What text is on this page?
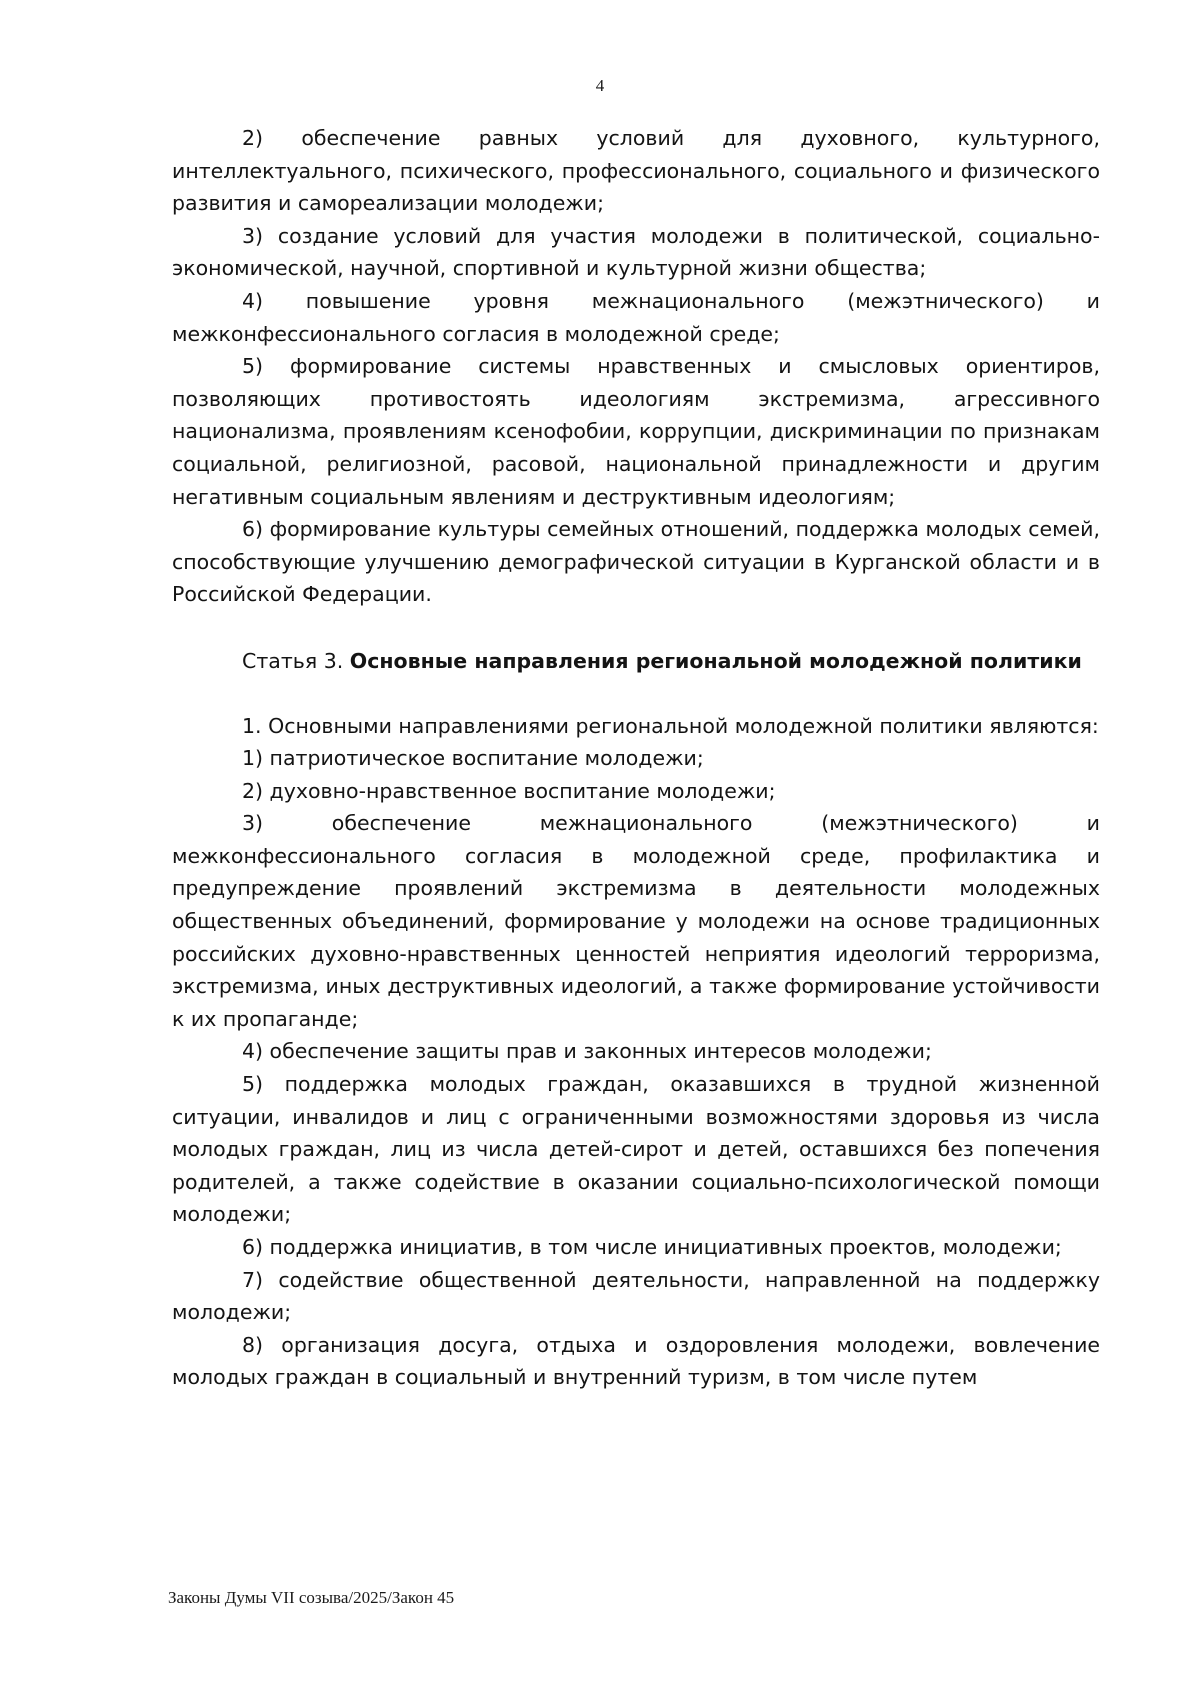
4

2) обеспечение равных условий для духовного, культурного, интеллектуального, психического, профессионального, социального и физического развития и самореализации молодежи;

3) создание условий для участия молодежи в политической, социально-экономической, научной, спортивной и культурной жизни общества;

4) повышение уровня межнационального (межэтнического) и межконфессионального согласия в молодежной среде;

5) формирование системы нравственных и смысловых ориентиров, позволяющих противостоять идеологиям экстремизма, агрессивного национализма, проявлениям ксенофобии, коррупции, дискриминации по признакам социальной, религиозной, расовой, национальной принадлежности и другим негативным социальным явлениям и деструктивным идеологиям;

6) формирование культуры семейных отношений, поддержка молодых семей, способствующие улучшению демографической ситуации в Курганской области и в Российской Федерации.

Статья 3. Основные направления региональной молодежной политики

1. Основными направлениями региональной молодежной политики являются:

1) патриотическое воспитание молодежи;

2) духовно-нравственное воспитание молодежи;

3) обеспечение межнационального (межэтнического) и межконфессионального согласия в молодежной среде, профилактика и предупреждение проявлений экстремизма в деятельности молодежных общественных объединений, формирование у молодежи на основе традиционных российских духовно-нравственных ценностей неприятия идеологий терроризма, экстремизма, иных деструктивных идеологий, а также формирование устойчивости к их пропаганде;

4) обеспечение защиты прав и законных интересов молодежи;

5) поддержка молодых граждан, оказавшихся в трудной жизненной ситуации, инвалидов и лиц с ограниченными возможностями здоровья из числа молодых граждан, лиц из числа детей-сирот и детей, оставшихся без попечения родителей, а также содействие в оказании социально-психологической помощи молодежи;

6) поддержка инициатив, в том числе инициативных проектов, молодежи;

7) содействие общественной деятельности, направленной на поддержку молодежи;

8) организация досуга, отдыха и оздоровления молодежи, вовлечение молодых граждан в социальный и внутренний туризм, в том числе путем

Законы Думы VII созыва/2025/Закон 45
